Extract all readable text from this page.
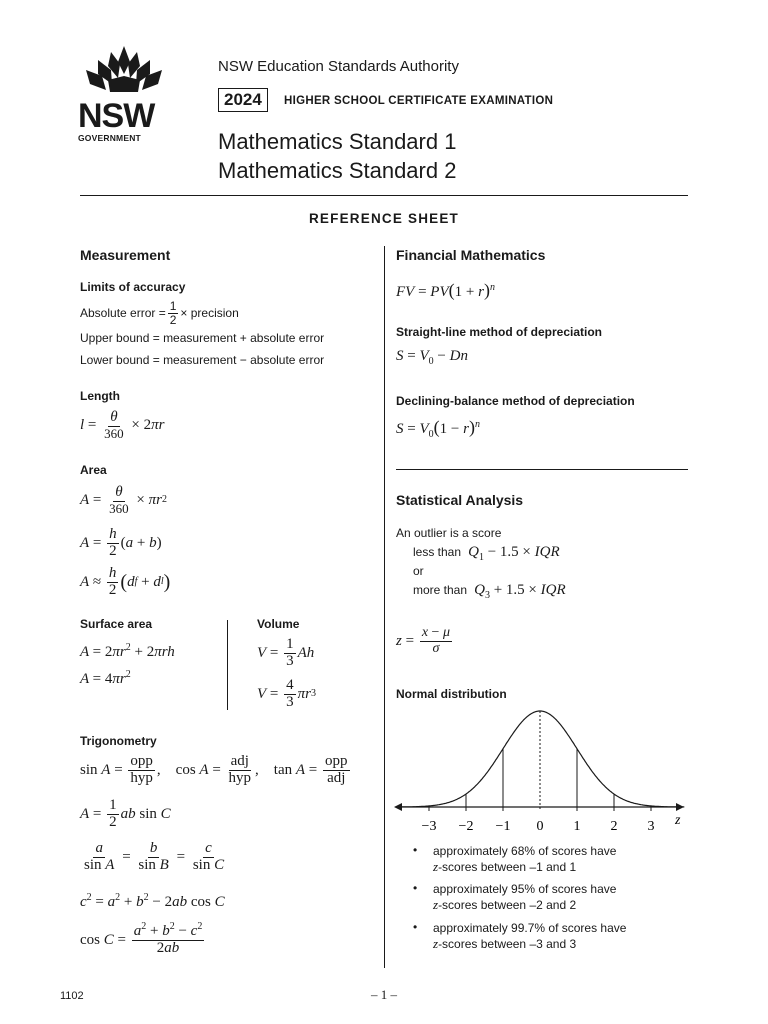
NSW
GOVERNMENT
NSW Education Standards Authority
2024	HIGHER SCHOOL CERTIFICATE EXAMINATION
Mathematics Standard 1
Mathematics Standard 2
REFERENCE SHEET
Measurement
Limits of accuracy
Absolute error = $\frac{1}{2}$ × precision
Upper bound = measurement + absolute error
Lower bound = measurement − absolute error
Length
$l = \frac{\theta}{360} \times 2$ πr
Area
$A = \frac{\theta}{360} \times \pi r$ 2
$A = \frac{h}{2}$ ( a + b )
$A \approx \frac{h}{2}$ ( d f + d l )
Surface area
$A = 2\pi r^2 + 2\pi rh$
$A = 4\pi r^2$
Volume
$V = \frac{1}{3}$ Ah
$V = \frac{4}{3}$ πr 3
Trigonometry
$\sin A = \frac{\text{opp}}{\text{hyp}}$ ,    $\cos A = \frac{\text{adj}}{\text{hyp}}$ ,    $\tan A = \frac{\text{opp}}{\text{adj}}$
$A = \frac{1}{2}$ ab sin C
$\frac{a}{\text{sin A}} = \frac{b}{\text{sin B}} = \frac{c}{\text{sin C}}$
$c^2 = a^2 + b^2 - 2ab$ cos C
$\cos C = \frac{a^2 + b^2 - c^2}{2ab}$
Financial Mathematics
FV = $PV(1 + r)^n$
Straight-line method of depreciation
$S = V_0 - Dn$
Declining-balance method of depreciation
$S = V_0(1 - r)^n$
Statistical Analysis
An outlier is a score
less than  $Q_1 - 1.5$ × IQR
or
more than  $Q_3 + 1.5$ × IQR
$z = \frac{x - \mu}{\sigma}$
Normal distribution
−3 −2 −1 0 1 2 3 z
• approximately 68% of scores have
z-scores between –1 and 1
• approximately 95% of scores have
z-scores between –2 and 2
• approximately 99.7% of scores have
z-scores between –3 and 3
1102	– 1 –
